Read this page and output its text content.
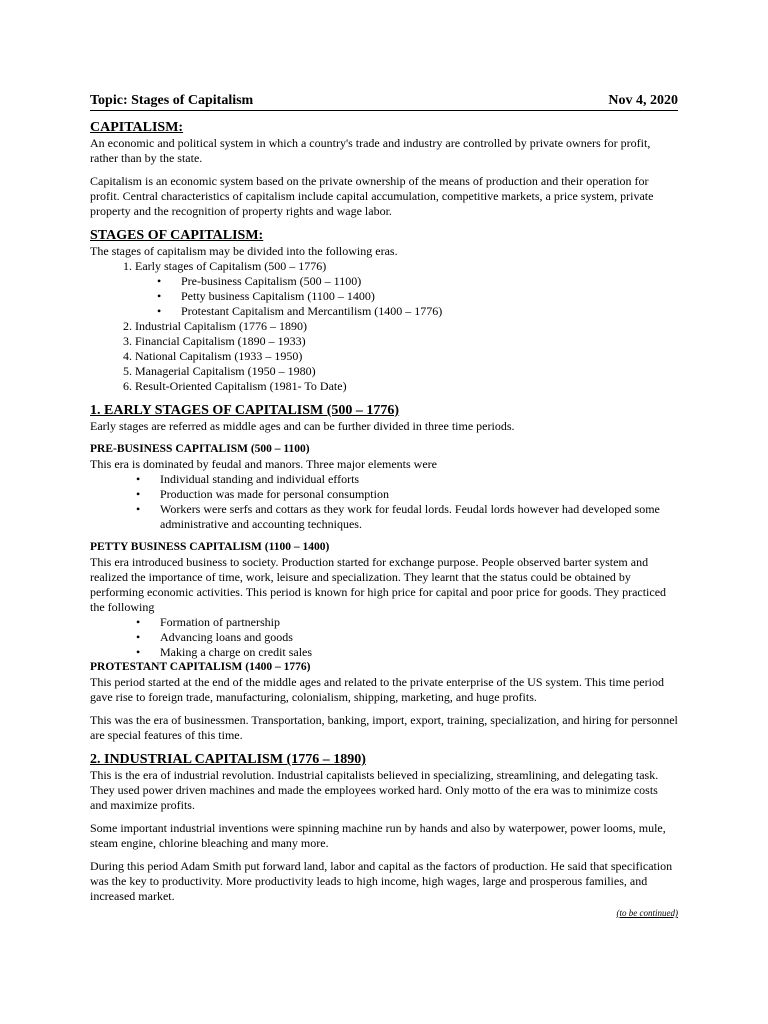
Topic: Stages of Capitalism	Nov 4, 2020
CAPITALISM:

An economic and political system in which a country's trade and industry are controlled by private owners for profit, rather than by the state.

Capitalism is an economic system based on the private ownership of the means of production and their operation for profit. Central characteristics of capitalism include capital accumulation, competitive markets, a price system, private property and the recognition of property rights and wage labor.

STAGES OF CAPITALISM:

The stages of capitalism may be divided into the following eras.

1. Early stages of Capitalism (500 – 1776)
• Pre-business Capitalism (500 – 1100)
• Petty business Capitalism (1100 – 1400)
• Protestant Capitalism and Mercantilism (1400 – 1776)
2. Industrial Capitalism (1776 – 1890)
3. Financial Capitalism (1890 – 1933)
4. National Capitalism (1933 – 1950)
5. Managerial Capitalism (1950 – 1980)
6. Result-Oriented Capitalism (1981- To Date)
1. EARLY STAGES OF CAPITALISM (500 – 1776)

Early stages are referred as middle ages and can be further divided in three time periods.

PRE-BUSINESS CAPITALISM (500 – 1100)

This era is dominated by feudal and manors. Three major elements were

• Individual standing and individual efforts
• Production was made for personal consumption
• Workers were serfs and cottars as they work for feudal lords. Feudal lords however had developed some administrative and accounting techniques.
PETTY BUSINESS CAPITALISM (1100 – 1400)

This era introduced business to society. Production started for exchange purpose. People observed barter system and realized the importance of time, work, leisure and specialization. They learnt that the status could be obtained by performing economic activities. This period is known for high price for capital and poor price for goods. They practiced the following

• Formation of partnership
• Advancing loans and goods
• Making a charge on credit sales
PROTESTANT CAPITALISM (1400 – 1776)

This period started at the end of the middle ages and related to the private enterprise of the US system. This time period gave rise to foreign trade, manufacturing, colonialism, shipping, marketing, and huge profits.

This was the era of businessmen. Transportation, banking, import, export, training, specialization, and hiring for personnel are special features of this time.

2. INDUSTRIAL CAPITALISM (1776 – 1890)

This is the era of industrial revolution. Industrial capitalists believed in specializing, streamlining, and delegating task. They used power driven machines and made the employees worked hard. Only motto of the era was to minimize costs and maximize profits.

Some important industrial inventions were spinning machine run by hands and also by waterpower, power looms, mule, steam engine, chlorine bleaching and many more.

During this period Adam Smith put forward land, labor and capital as the factors of production. He said that specification was the key to productivity. More productivity leads to high income, high wages, large and prosperous families, and increased market.

(to be continued)
